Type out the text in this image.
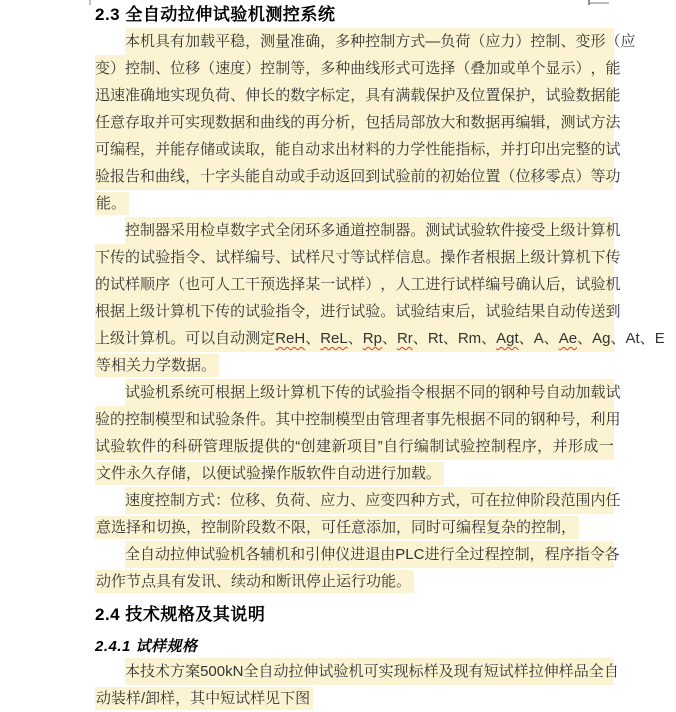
2.3 全自动拉伸试验机测控系统
本 机 具 有 加 载 平 稳 ， 测 量 准 确 ， 多 种 控 制 方 式 — 负 荷 （ 应 力 ） 控 制 、 变 形 （ 应
变 ） 控 制 、 位 移 （ 速 度 ） 控 制 等 ， 多 种 曲 线 形 式 可 选 择 （ 叠 加 或 单 个 显 示 ） ， 能
迅 速 准 确 地 实 现 负 荷 、 伸 长 的 数 字 标 定 ， 具 有 满 载 保 护 及 位 置 保 护 ， 试 验 数 据 能
任 意 存 取 并 可 实 现 数 据 和 曲 线 的 再 分 析 ， 包 括 局 部 放 大 和 数 据 再 编 辑 ， 测 试 方 法
可 编 程 ， 并 能 存 储 或 读 取 ， 能 自 动 求 出 材 料 的 力 学 性 能 指 标 ， 并 打 印 出 完 整 的 试
验 报 告 和 曲 线 ， 十 字 头 能 自 动 或 手 动 返 回 到 试 验 前 的 初 始 位 置 （ 位 移 零 点 ） 等 功
能。
控 制 器 采 用 检 卓 数 字 式 全 闭 环 多 通 道 控 制 器 。 测 试 试 验 软 件 接 受 上 级 计 算 机
下 传 的 试 验 指 令 、 试 样 编 号 、 试 样 尺 寸 等 试 样 信 息 。 操 作 者 根 据 上 级 计 算 机 下 传
的 试 样 顺 序 （ 也 可 人 工 干 预 选 择 某 一 试 样 ） ， 人 工 进 行 试 样 编 号 确 认 后 ， 试 验 机
根 据 上 级 计 算 机 下 传 的 试 验 指 令 ， 进 行 试 验 。 试 验 结 束 后 ， 试 验 结 果 自 动 传 送 到
上 级 计 算 机 。 可 以 自 动 测 定 ReH 、 ReL 、 Rp 、 Rr 、 Rt 、 Rm 、 Agt 、 A 、 Ae 、 Ag 、 At 、 E
等相关力学数据。
试 验 机 系 统 可 根 据 上 级 计 算 机 下 传 的 试 验 指 令 根 据 不 同 的 钢 种 号 自 动 加 载 试
验 的 控 制 模 型 和 试 验 条 件 。 其 中 控 制 模 型 由 管 理 者 事 先 根 据 不 同 的 钢 种 号 ， 利 用
试 验 软 件 的 科 研 管 理 版 提 供 的 “ 创 建 新 项 目 ” 自 行 编 制 试 验 控 制 程 序 ， 并 形 成 一
文件永久存储，以便试验操作版软件自动进行加载。
速 度 控 制 方 式 ： 位 移 、 负 荷 、 应 力 、 应 变 四 种 方 式 ， 可 在 拉 伸 阶 段 范 围 内 任
意选择和切换，控制阶段数不限，可任意添加，同时可编程复杂的控制，
全 自 动 拉 伸 试 验 机 各 辅 机 和 引 伸 仪 进 退 由 PLC 进 行 全 过 程 控 制 ， 程 序 指 令 各
动作节点具有发讯、续动和断讯停止运行功能。
2.4 技术规格及其说明
2.4.1 试样规格
本 技 术 方 案 500kN 全 自 动 拉 伸 试 验 机 可 实 现 标 样 及 现 有 短 试 样 拉 伸 样 品 全 自
动装样/卸样，其中短试样见下图
